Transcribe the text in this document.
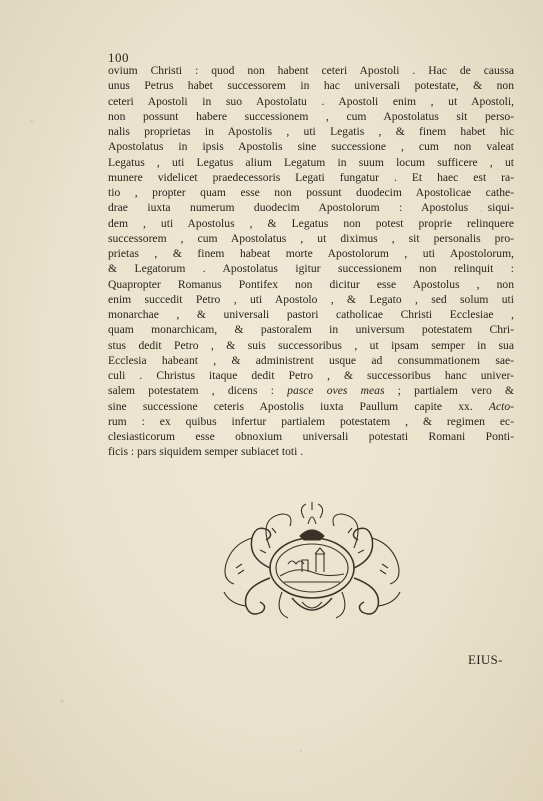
100
ovium Christi : quod non habent ceteri Apostoli . Hac de caussa
unus Petrus habet successorem in hac universali potestate, & non
ceteri Apostoli in suo Apostolatu . Apostoli enim , ut Apostoli,
non possunt habere successionem , cum Apostolatus sit perso-
nalis proprietas in Apostolis , uti Legatis , & finem habet hic
Apostolatus in ipsis Apostolis sine successione , cum non valeat
Legatus , uti Legatus alium Legatum in suum locum sufficere , ut
munere videlicet praedecessoris Legati fungatur . Et haec est ra-
tio , propter quam esse non possunt duodecim Apostolicae cathe-
drae iuxta numerum duodecim Apostolorum : Apostolus siqui-
dem , uti Apostolus , & Legatus non potest proprie relinquere
successorem , cum Apostolatus , ut diximus , sit personalis pro-
prietas , & finem habeat morte Apostolorum , uti Apostolorum,
& Legatorum . Apostolatus igitur successionem non relinquit :
Quapropter Romanus Pontifex non dicitur esse Apostolus , non
enim succedit Petro , uti Apostolo , & Legato , sed solum uti
monarchae , & universali pastori catholicae Christi Ecclesiae ,
quam monarchicam, & pastoralem in universum potestatem Chri-
stus dedit Petro , & suis successoribus , ut ipsam semper in sua
Ecclesia habeant , & administrent usque ad consummationem sae-
culi . Christus itaque dedit Petro , & successoribus hanc univer-
salem potestatem , dicens : pasce oves meas ; partialem vero &
sine successione ceteris Apostolis iuxta Paullum capite xx. Acto-
rum : ex quibus infertur partialem potestatem , & regimen ec-
clesiasticorum esse obnoxium universali potestati Romani Ponti-
ficis : pars siquidem semper subiacet toti .
EIUS-
